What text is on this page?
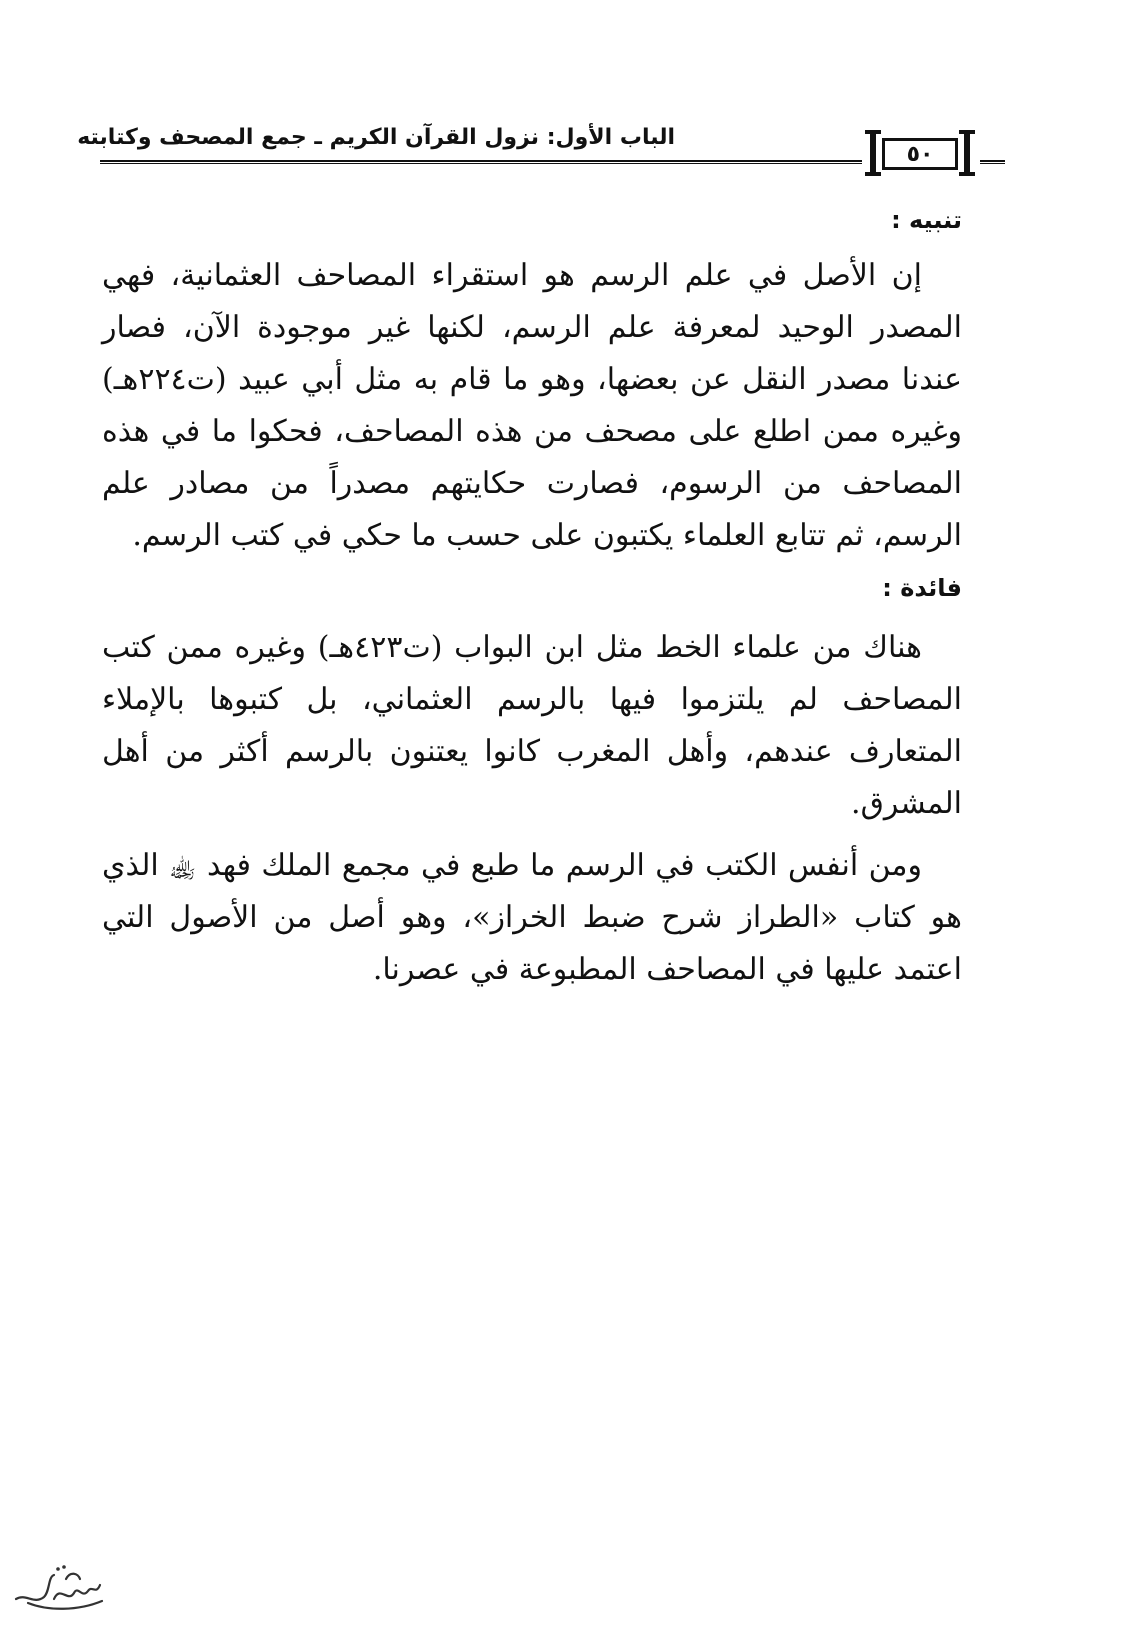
الباب الأول: نزول القرآن الكريم ـ جمع المصحف وكتابته
٥٠

تنبيه :

إن الأصل في علم الرسم هو استقراء المصاحف العثمانية، فهي المصدر الوحيد لمعرفة علم الرسم، لكنها غير موجودة الآن، فصار عندنا مصدر النقل عن بعضها، وهو ما قام به مثل أبي عبيد (ت٢٢٤هـ) وغيره ممن اطلع على مصحف من هذه المصاحف، فحكوا ما في هذه المصاحف من الرسوم، فصارت حكايتهم مصدراً من مصادر علم الرسم، ثم تتابع العلماء يكتبون على حسب ما حكي في كتب الرسم.

فائدة :

هناك من علماء الخط مثل ابن البواب (ت٤٢٣هـ) وغيره ممن كتب المصاحف لم يلتزموا فيها بالرسم العثماني، بل كتبوها بالإملاء المتعارف عندهم، وأهل المغرب كانوا يعتنون بالرسم أكثر من أهل المشرق.

ومن أنفس الكتب في الرسم ما طبع في مجمع الملك فهد ﵀ الذي هو كتاب «الطراز شرح ضبط الخراز»، وهو أصل من الأصول التي اعتمد عليها في المصاحف المطبوعة في عصرنا.
